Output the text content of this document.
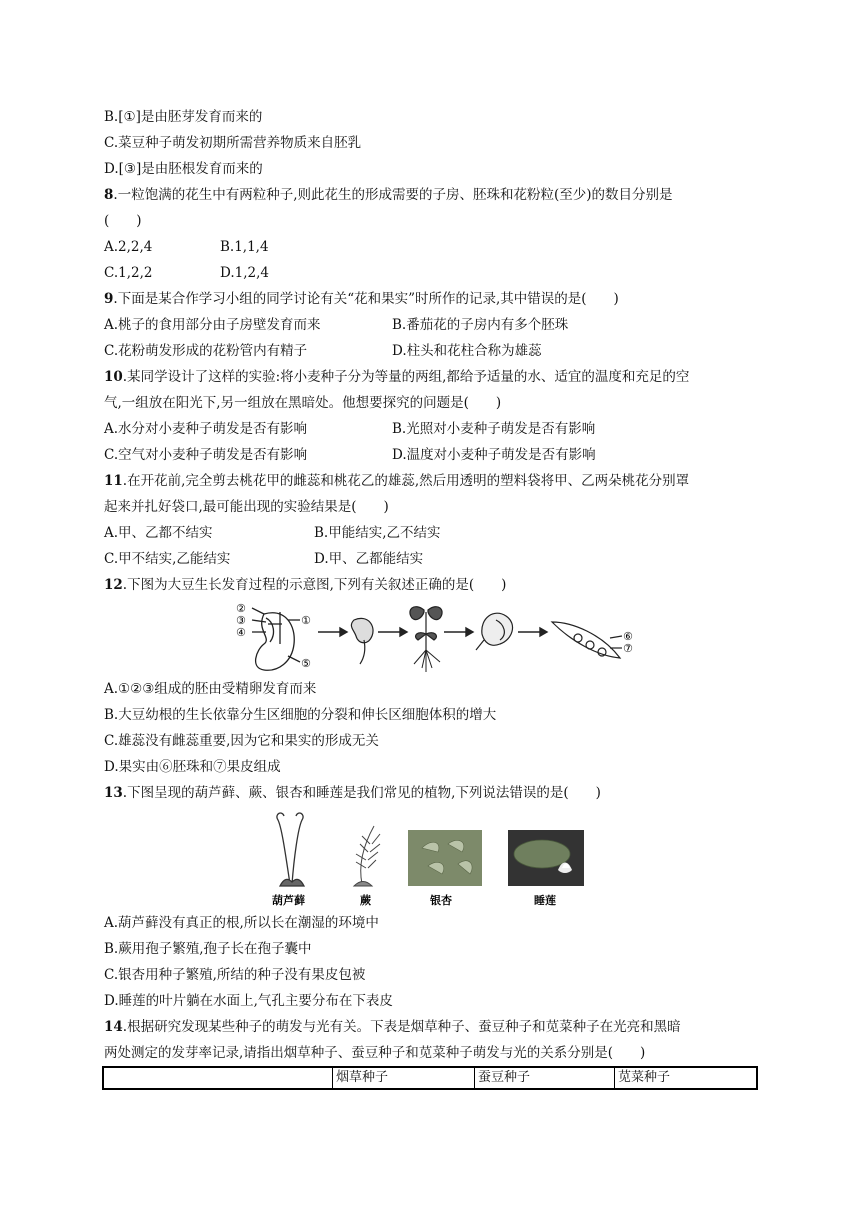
B.[①]是由胚芽发育而来的
C.菜豆种子萌发初期所需营养物质来自胚乳
D.[③]是由胚根发育而来的
8.一粒饱满的花生中有两粒种子,则此花生的形成需要的子房、胚珠和花粉粒(至少)的数目分别是
(　　)
A.2,2,4	B.1,1,4
C.1,2,2	D.1,2,4
9.下面是某合作学习小组的同学讨论有关“花和果实”时所作的记录,其中错误的是(　　)
A.桃子的食用部分由子房壁发育而来	B.番茄花的子房内有多个胚珠
C.花粉萌发形成的花粉管内有精子	D.柱头和花柱合称为雄蕊
10.某同学设计了这样的实验:将小麦种子分为等量的两组,都给予适量的水、适宜的温度和充足的空
气,一组放在阳光下,另一组放在黑暗处。他想要探究的问题是(　　)
A.水分对小麦种子萌发是否有影响	B.光照对小麦种子萌发是否有影响
C.空气对小麦种子萌发是否有影响	D.温度对小麦种子萌发是否有影响
11.在开花前,完全剪去桃花甲的雌蕊和桃花乙的雄蕊,然后用透明的塑料袋将甲、乙两朵桃花分别罩
起来并扎好袋口,最可能出现的实验结果是(　　)
A.甲、乙都不结实	B.甲能结实,乙不结实
C.甲不结实,乙能结实	D.甲、乙都能结实
12.下图为大豆生长发育过程的示意图,下列有关叙述正确的是(　　)
②
③
④
①
⑤
⑥
⑦
A.①②③组成的胚由受精卵发育而来
B.大豆幼根的生长依靠分生区细胞的分裂和伸长区细胞体积的增大
C.雄蕊没有雌蕊重要,因为它和果实的形成无关
D.果实由⑥胚珠和⑦果皮组成
13.下图呈现的葫芦藓、蕨、银杏和睡莲是我们常见的植物,下列说法错误的是(　　)
葫芦藓	蕨	银杏	睡莲
A.葫芦藓没有真正的根,所以长在潮湿的环境中
B.蕨用孢子繁殖,孢子长在孢子囊中
C.银杏用种子繁殖,所结的种子没有果皮包被
D.睡莲的叶片躺在水面上,气孔主要分布在下表皮
14.根据研究发现某些种子的萌发与光有关。下表是烟草种子、蚕豆种子和苋菜种子在光亮和黑暗
两处测定的发芽率记录,请指出烟草种子、蚕豆种子和苋菜种子萌发与光的关系分别是(　　)
烟草种子	蚕豆种子	苋菜种子
